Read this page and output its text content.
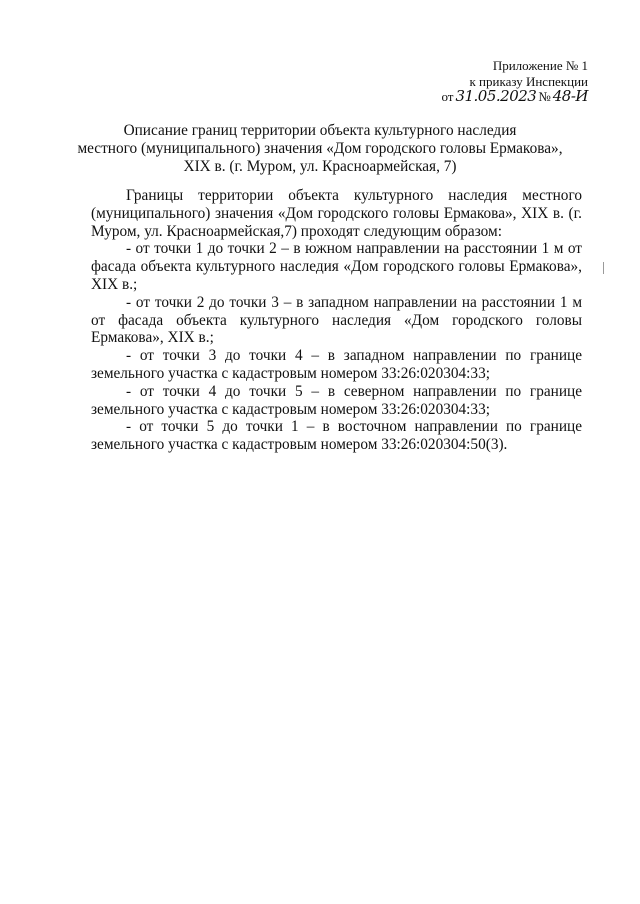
Приложение № 1
к приказу Инспекции
от 31.05.2023 № 48-И
Описание границ территории объекта культурного наследия
местного (муниципального) значения «Дом городского головы Ермакова»,
XIX в. (г. Муром, ул. Красноармейская, 7)

Границы территории объекта культурного наследия местного (муниципального) значения «Дом городского головы Ермакова», XIX в. (г. Муром, ул. Красноармейская,7) проходят следующим образом:

- от точки 1 до точки 2 – в южном направлении на расстоянии 1 м от фасада объекта культурного наследия «Дом городского головы Ермакова», XIX в.;

- от точки 2 до точки 3 – в западном направлении на расстоянии 1 м от фасада объекта культурного наследия «Дом городского головы Ермакова», XIX в.;

- от точки 3 до точки 4 – в западном направлении по границе земельного участка с кадастровым номером 33:26:020304:33;

- от точки 4 до точки 5 – в северном направлении по границе земельного участка с кадастровым номером 33:26:020304:33;

- от точки 5 до точки 1 – в восточном направлении по границе земельного участка с кадастровым номером 33:26:020304:50(3).
